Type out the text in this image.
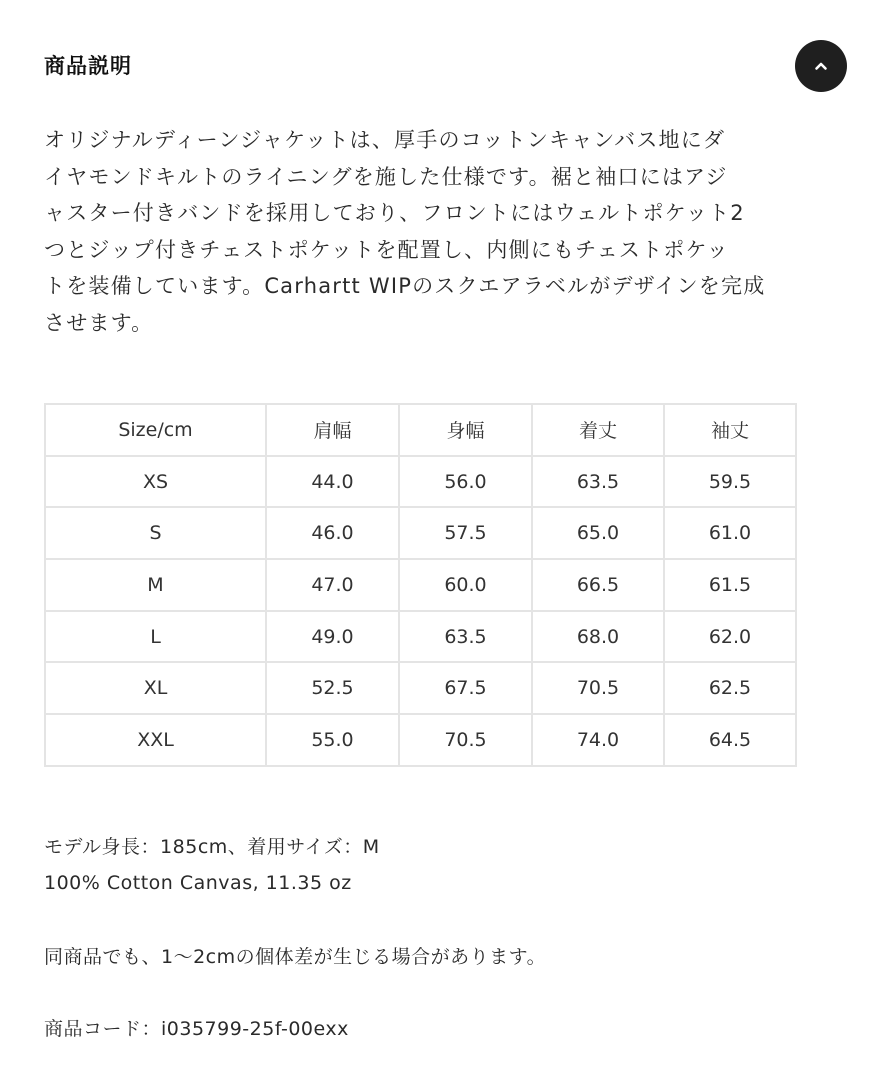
商品説明
オリジナルディーンジャケットは、厚手のコットンキャンバス地にダ
イヤモンドキルトのライニングを施した仕様です。裾と袖口にはアジ
ャスター付きバンドを採用しており、フロントにはウェルトポケット2
つとジップ付きチェストポケットを配置し、内側にもチェストポケッ
トを装備しています。Carhartt WIPのスクエアラベルがデザインを完成
させます。
Size/cm	肩幅	身幅	着丈	袖丈
XS	44.0	56.0	63.5	59.5
S	46.0	57.5	65.0	61.0
M	47.0	60.0	66.5	61.5
L	49.0	63.5	68.0	62.0
XL	52.5	67.5	70.5	62.5
XXL	55.0	70.5	74.0	64.5
モデル身長：185cm、着用サイズ：M
100% Cotton Canvas, 11.35 oz
同商品でも、1〜2cmの個体差が生じる場合があります。
商品コード：i035799-25f-00exx
